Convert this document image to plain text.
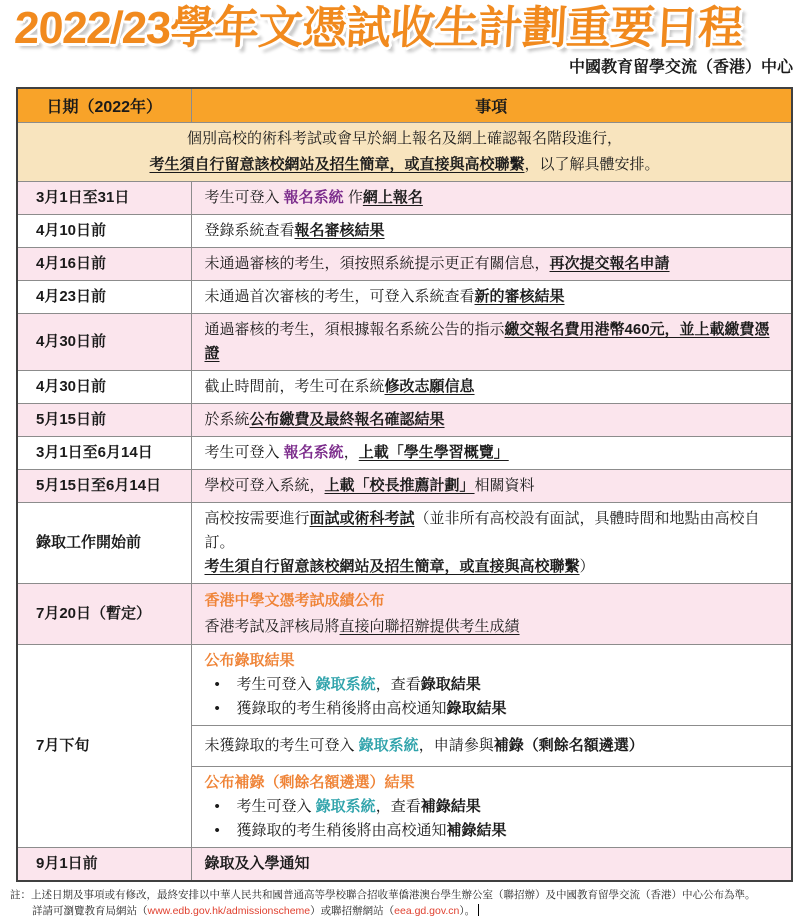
2022/23學年文憑試收生計劃重要日程
中國教育留學交流（香港）中心
日期（2022年）	事項

個別高校的術科考試或會早於網上報名及網上確認報名階段進行，
考生須自行留意該校網站及招生簡章，或直接與高校聯繫，以了解具體安排。	

3月1日至31日	考生可登入 報名系統 作網上報名
4月10日前	登錄系統查看報名審核結果
4月16日前	未通過審核的考生，須按照系統提示更正有關信息，再次提交報名申請
4月23日前	未通過首次審核的考生，可登入系統查看新的審核結果
4月30日前	通過審核的考生，須根據報名系統公告的指示繳交報名費用港幣460元，並上載繳費憑證
4月30日前	截止時間前，考生可在系統修改志願信息
5月15日前	於系統公布繳費及最終報名確認結果
3月1日至6月14日	考生可登入 報名系統，上載「學生學習概覽」
5月15日至6月14日	學校可登入系統，上載「校長推薦計劃」相關資料
錄取工作開始前	高校按需要進行面試或術科考試（並非所有高校設有面試，具體時間和地點由高校自訂。
考生須自行留意該校網站及招生簡章，或直接與高校聯繫）

7月20日（暫定）	香港中學文憑考試成績公布
香港考試及評核局將直接向聯招辦提供考生成績

7月下旬	公布錄取結果
• 考生可登入 錄取系統，查看錄取結果
• 獲錄取的考生稍後將由高校通知錄取結果

	未獲錄取的考生可登入 錄取系統，申請參與補錄（剩餘名額遴選）

	公布補錄（剩餘名額遴選）結果
• 考生可登入 錄取系統，查看補錄結果
• 獲錄取的考生稍後將由高校通知補錄結果

9月1日前	錄取及入學通知
註：上述日期及事項或有修改，最終安排以中華人民共和國普通高等學校聯合招收華僑港澳台學生辦公室（聯招辦）及中國教育留學交流（香港）中心公布為準。
詳請可瀏覽教育局網站（www.edb.gov.hk/admissionscheme）或聯招辦網站（eea.gd.gov.cn）。
